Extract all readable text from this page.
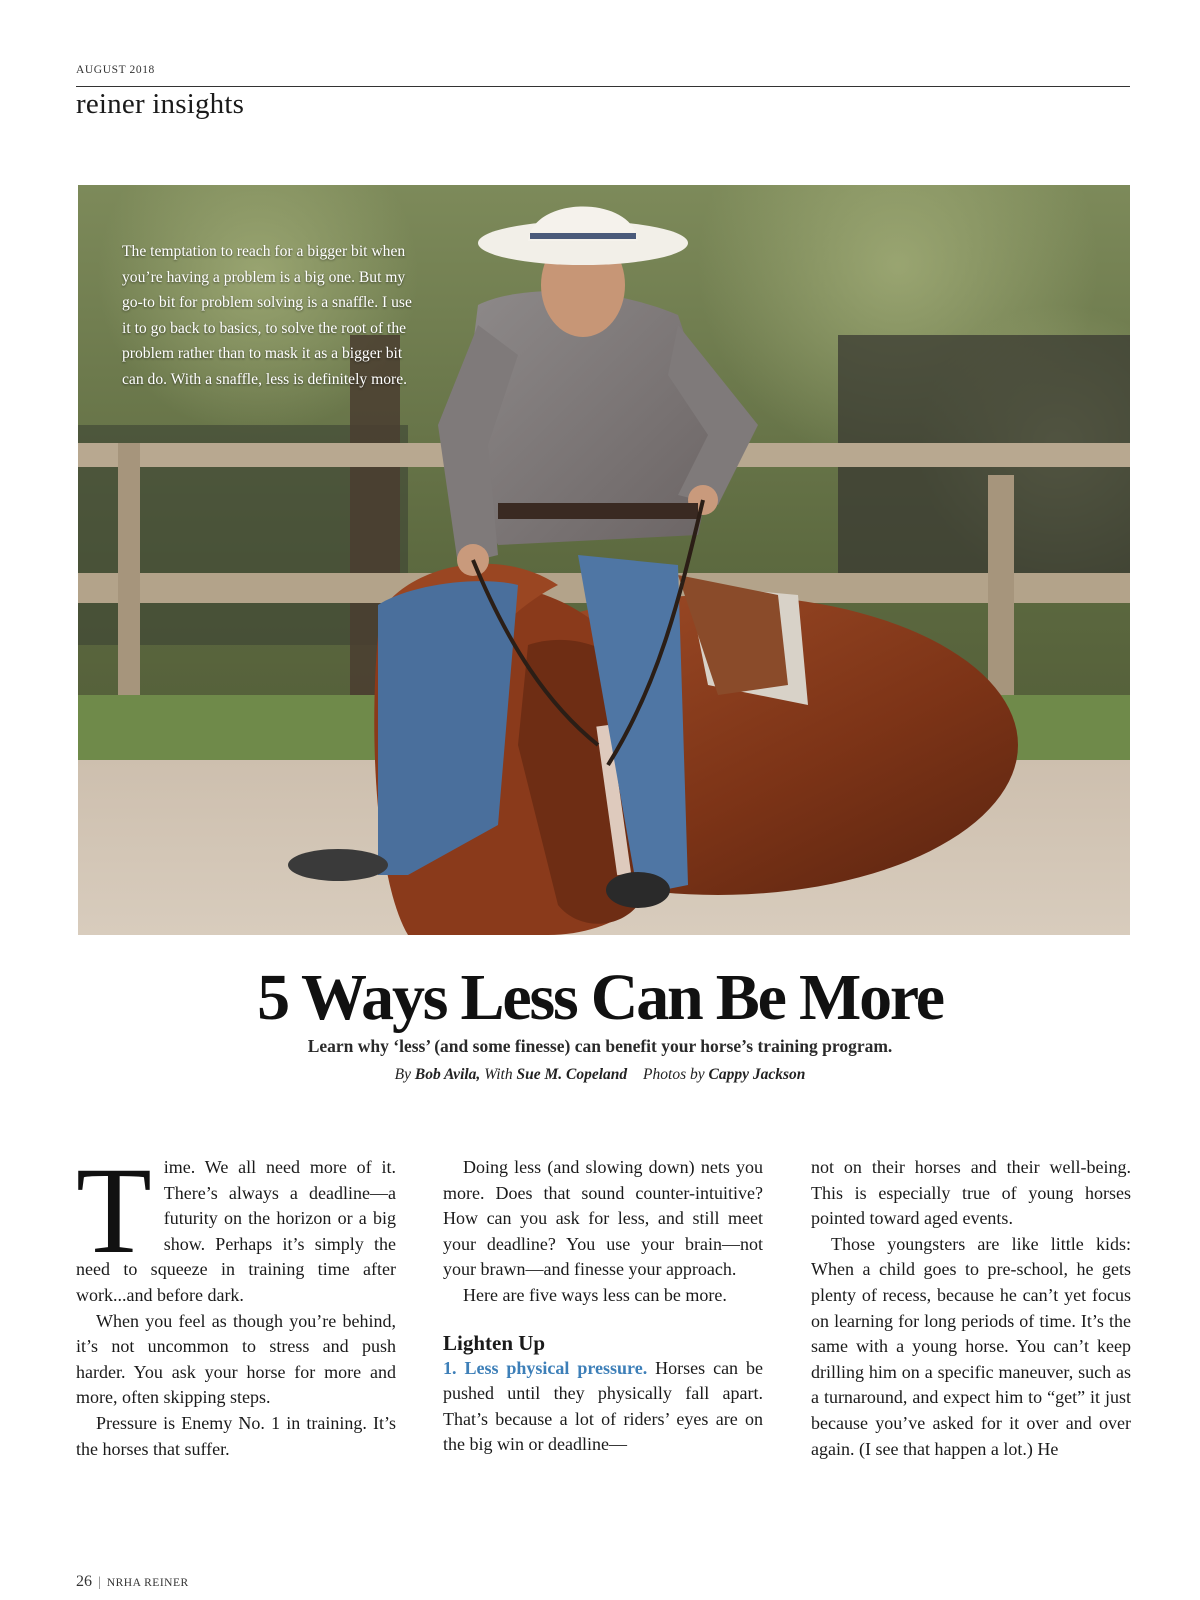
AUGUST 2018
reiner insights
The temptation to reach for a bigger bit when you’re having a problem is a big one. But my go-to bit for problem solving is a snaffle. I use it to go back to basics, to solve the root of the problem rather than to mask it as a bigger bit can do. With a snaffle, less is definitely more.
5 Ways Less Can Be More
Learn why ‘less’ (and some finesse) can benefit your horse’s training program.
By Bob Avila, With Sue M. Copeland Photos by Cappy Jackson

Time. We all need more of it. There’s always a deadline—a futurity on the horizon or a big show. Perhaps it’s simply the need to squeeze in training time after work...and before dark.

When you feel as though you’re behind, it’s not uncommon to stress and push harder. You ask your horse for more and more, often skipping steps.

Pressure is Enemy No. 1 in training. It’s the horses that suffer.

Doing less (and slowing down) nets you more. Does that sound counter-intuitive? How can you ask for less, and still meet your deadline? You use your brain—not your brawn—and finesse your approach.

Here are five ways less can be more.

Lighten Up

1. Less physical pressure. Horses can be pushed until they physically fall apart. That’s because a lot of riders’ eyes are on the big win or deadline—

not on their horses and their well-being. This is especially true of young horses pointed toward aged events.

Those youngsters are like little kids: When a child goes to pre-school, he gets plenty of recess, because he can’t yet focus on learning for long periods of time. It’s the same with a young horse. You can’t keep drilling him on a specific maneuver, such as a turnaround, and expect him to “get” it just because you’ve asked for it over and over again. (I see that happen a lot.) He

26 | NRHA REINER
